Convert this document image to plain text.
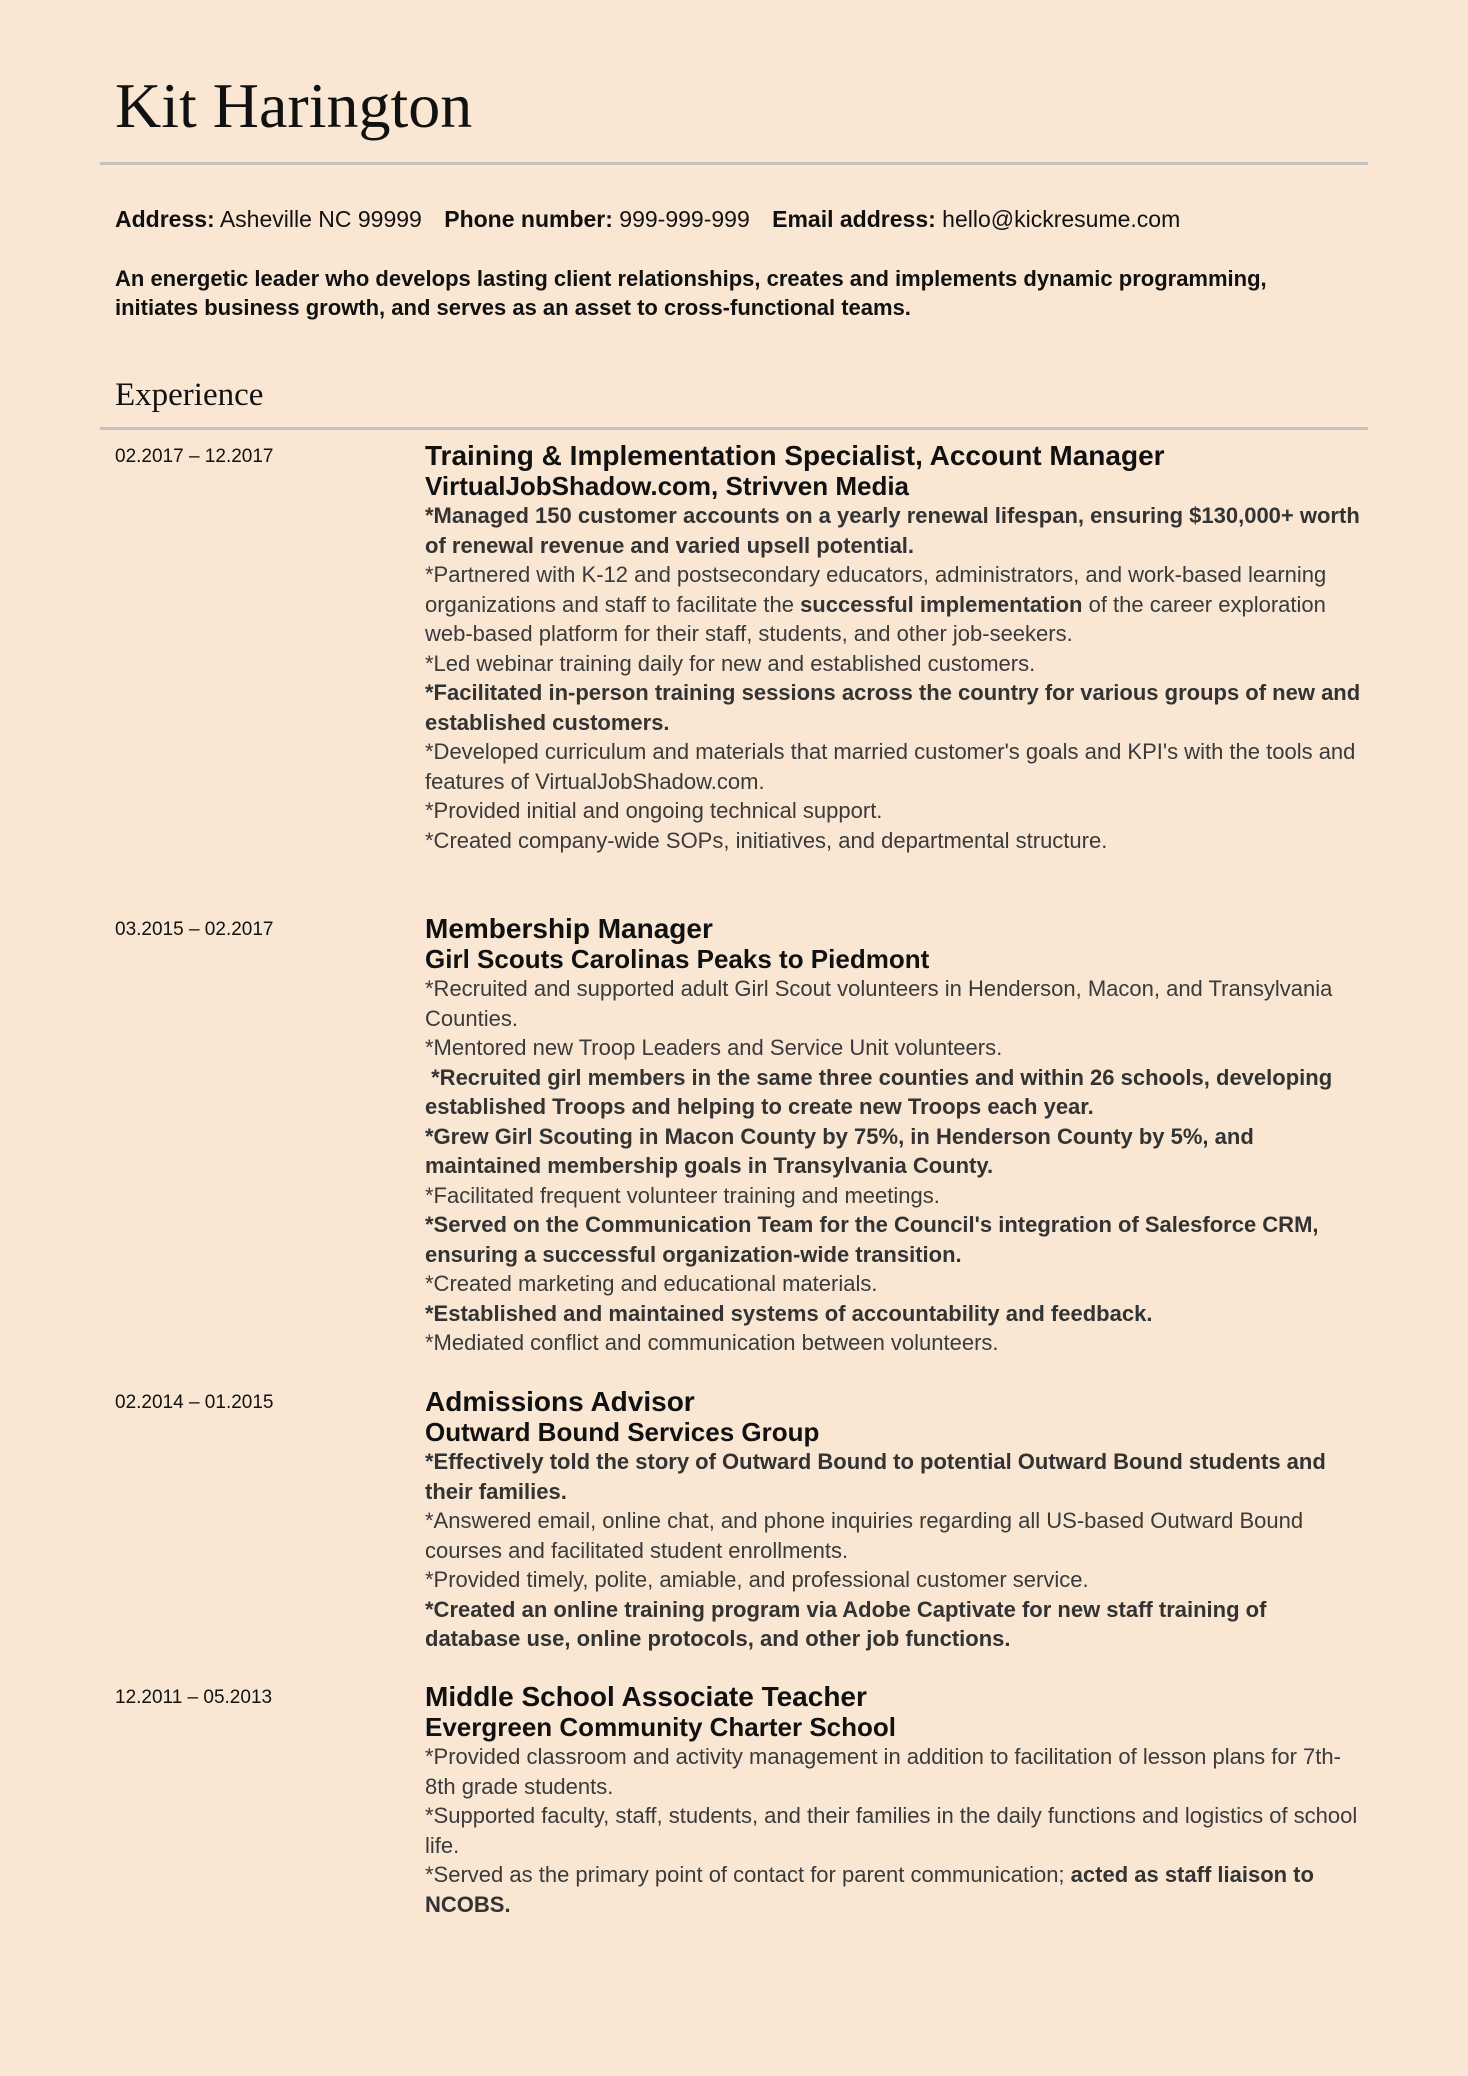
Kit Harington
Address: Asheville NC 99999 Phone number: 999-999-999 Email address: hello@kickresume.com

An energetic leader who develops lasting client relationships, creates and implements dynamic programming, initiates business growth, and serves as an asset to cross-functional teams.

Experience
02.2017 – 12.2017	Training & Implementation Specialist, Account Manager
VirtualJobShadow.com, Strivven Media
*Managed 150 customer accounts on a yearly renewal lifespan, ensuring $130,000+ worth of renewal revenue and varied upsell potential.
*Partnered with K-12 and postsecondary educators, administrators, and work-based learning organizations and staff to facilitate the successful implementation of the career exploration web-based platform for their staff, students, and other job-seekers.
*Led webinar training daily for new and established customers.
*Facilitated in-person training sessions across the country for various groups of new and established customers.
*Developed curriculum and materials that married customer's goals and KPI's with the tools and features of VirtualJobShadow.com.
*Provided initial and ongoing technical support.
*Created company-wide SOPs, initiatives, and departmental structure.
03.2015 – 02.2017	Membership Manager
Girl Scouts Carolinas Peaks to Piedmont
*Recruited and supported adult Girl Scout volunteers in Henderson, Macon, and Transylvania Counties.
*Mentored new Troop Leaders and Service Unit volunteers.
*Recruited girl members in the same three counties and within 26 schools, developing established Troops and helping to create new Troops each year.
*Grew Girl Scouting in Macon County by 75%, in Henderson County by 5%, and maintained membership goals in Transylvania County.
*Facilitated frequent volunteer training and meetings.
*Served on the Communication Team for the Council's integration of Salesforce CRM, ensuring a successful organization-wide transition.
*Created marketing and educational materials.
*Established and maintained systems of accountability and feedback.
*Mediated conflict and communication between volunteers.
02.2014 – 01.2015	Admissions Advisor
Outward Bound Services Group
*Effectively told the story of Outward Bound to potential Outward Bound students and their families.
*Answered email, online chat, and phone inquiries regarding all US-based Outward Bound courses and facilitated student enrollments.
*Provided timely, polite, amiable, and professional customer service.
*Created an online training program via Adobe Captivate for new staff training of database use, online protocols, and other job functions.
12.2011 – 05.2013	Middle School Associate Teacher
Evergreen Community Charter School
*Provided classroom and activity management in addition to facilitation of lesson plans for 7th-8th grade students.
*Supported faculty, staff, students, and their families in the daily functions and logistics of school life.
*Served as the primary point of contact for parent communication; acted as staff liaison to NCOBS.
